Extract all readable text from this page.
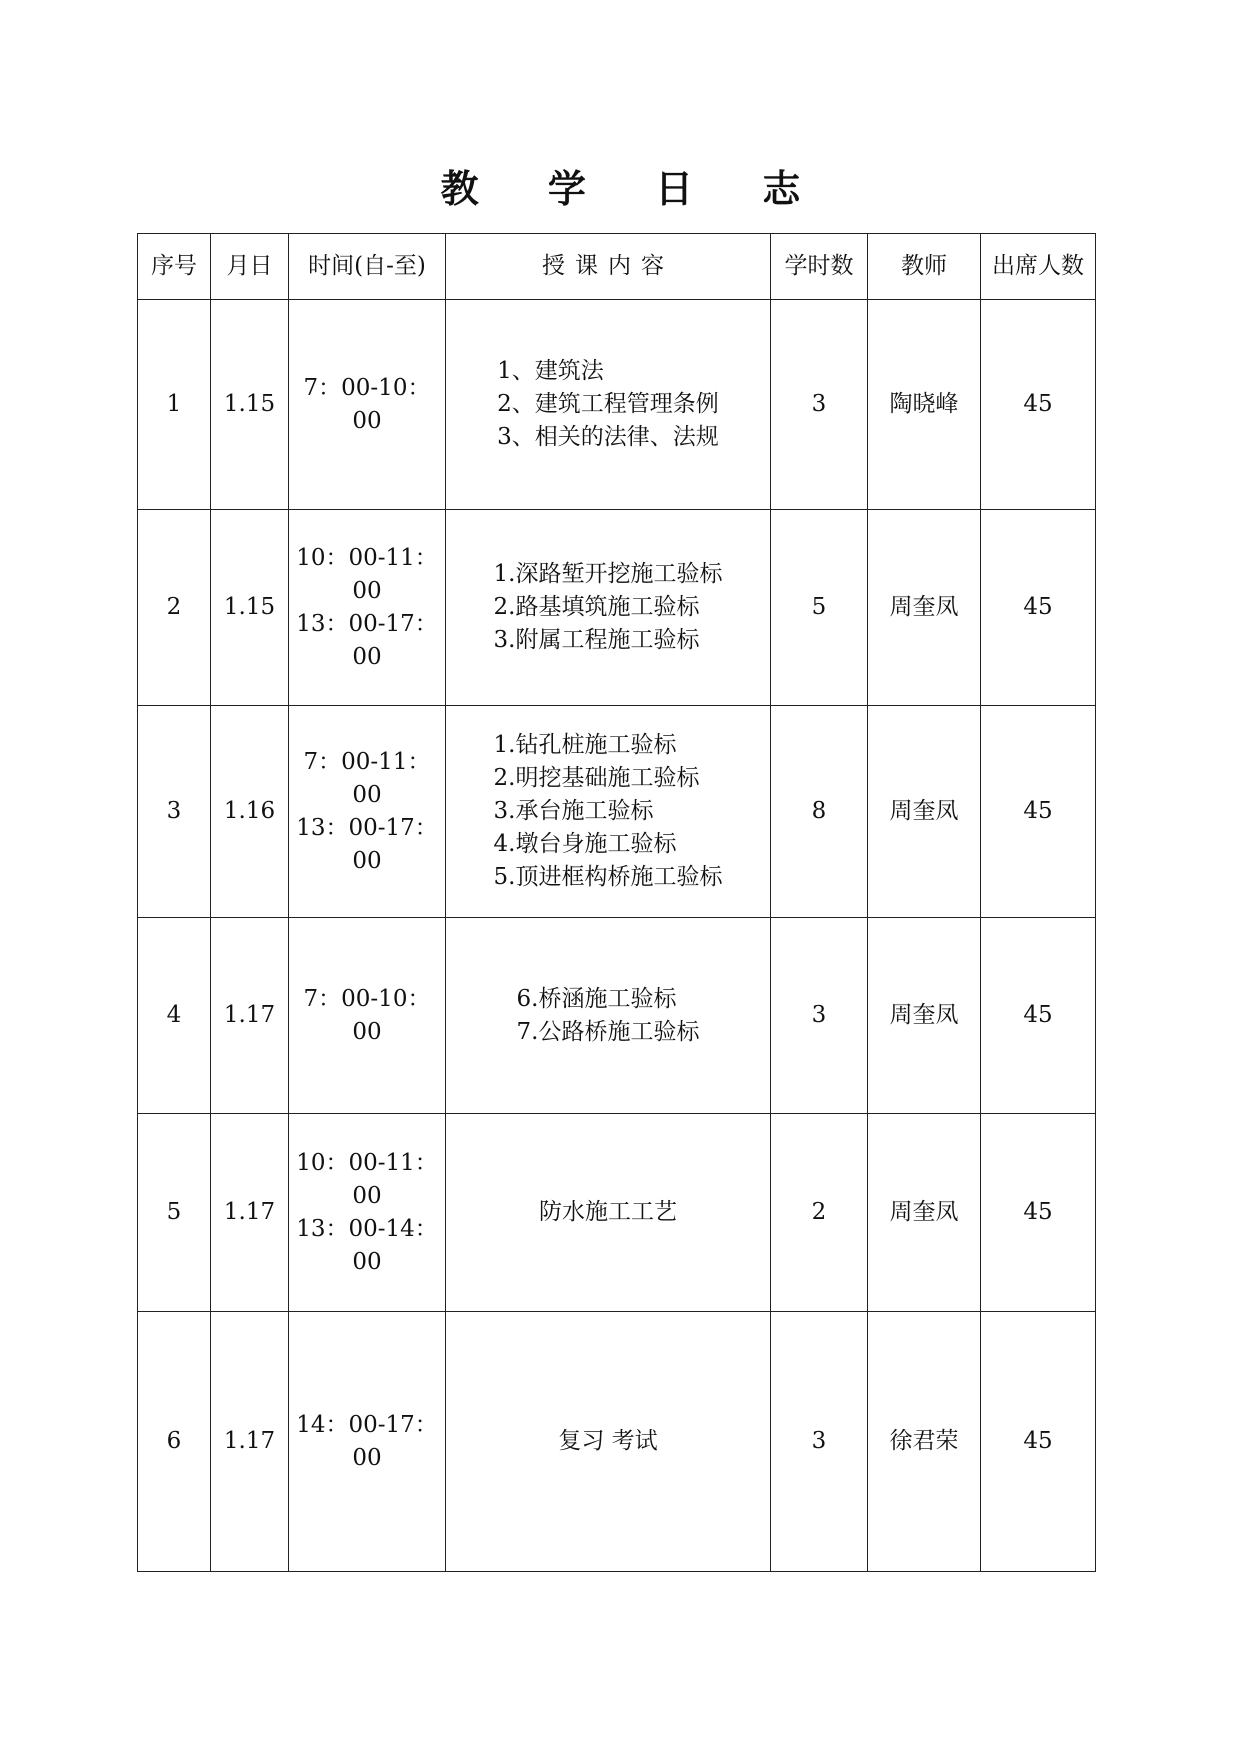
教 学 日 志
序号	月日	时间(自-至)	授课内容	学时数	教师	出席人数
1	1.15	7：00-10：00	1、建筑法
2、建筑工程管理条例
3、相关的法律、法规	3	陶晓峰	45
2	1.15	10：00-11：00
13：00-17：00	1.深路堑开挖施工验标
2.路基填筑施工验标
3.附属工程施工验标	5	周奎凤	45
3	1.16	7：00-11：00
13：00-17：00	1.钻孔桩施工验标
2.明挖基础施工验标
3.承台施工验标
4.墩台身施工验标
5.顶进框构桥施工验标	8	周奎凤	45
4	1.17	7：00-10：00	6.桥涵施工验标
7.公路桥施工验标	3	周奎凤	45
5	1.17	10：00-11：00
13：00-14：00	防水施工工艺	2	周奎凤	45
6	1.17	14：00-17：00	复习 考试	3	徐君荣	45
